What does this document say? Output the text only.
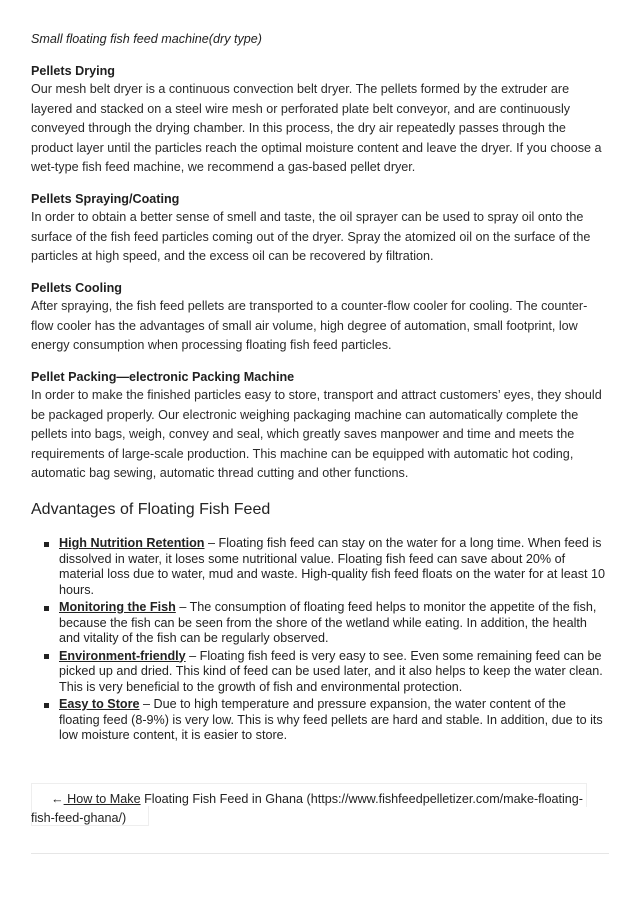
Small floating fish feed machine(dry type)

Pellets Drying

Our mesh belt dryer is a continuous convection belt dryer. The pellets formed by the extruder are layered and stacked on a steel wire mesh or perforated plate belt conveyor, and are continuously conveyed through the drying chamber. In this process, the dry air repeatedly passes through the product layer until the particles reach the optimal moisture content and leave the dryer. If you choose a wet-type fish feed machine, we recommend a gas-based pellet dryer.

Pellets Spraying/Coating

In order to obtain a better sense of smell and taste, the oil sprayer can be used to spray oil onto the surface of the fish feed particles coming out of the dryer. Spray the atomized oil on the surface of the particles at high speed, and the excess oil can be recovered by filtration.

Pellets Cooling

After spraying, the fish feed pellets are transported to a counter-flow cooler for cooling. The counter-flow cooler has the advantages of small air volume, high degree of automation, small footprint, low energy consumption when processing floating fish feed particles.

Pellet Packing—electronic Packing Machine

In order to make the finished particles easy to store, transport and attract customers’ eyes, they should be packaged properly. Our electronic weighing packaging machine can automatically complete the pellets into bags, weigh, convey and seal, which greatly saves manpower and time and meets the requirements of large-scale production. This machine can be equipped with automatic hot coding, automatic bag sewing, automatic thread cutting and other functions.

Advantages of Floating Fish Feed
High Nutrition Retention – Floating fish feed can stay on the water for a long time. When feed is dissolved in water, it loses some nutritional value. Floating fish feed can save about 20% of material loss due to water, mud and waste. High-quality fish feed floats on the water for at least 10 hours.
Monitoring the Fish – The consumption of floating feed helps to monitor the appetite of the fish, because the fish can be seen from the shore of the wetland while eating. In addition, the health and vitality of the fish can be regularly observed.
Environment-friendly – Floating fish feed is very easy to see. Even some remaining feed can be picked up and dried. This kind of feed can be used later, and it also helps to keep the water clean. This is very beneficial to the growth of fish and environmental protection.
Easy to Store – Due to high temperature and pressure expansion, the water content of the floating feed (8-9%) is very low. This is why feed pellets are hard and stable. In addition, due to its low moisture content, it is easier to store.
← How to Make Floating Fish Feed in Ghana (https://www.fishfeedpelletizer.com/make-floating-fish-feed-ghana/)
